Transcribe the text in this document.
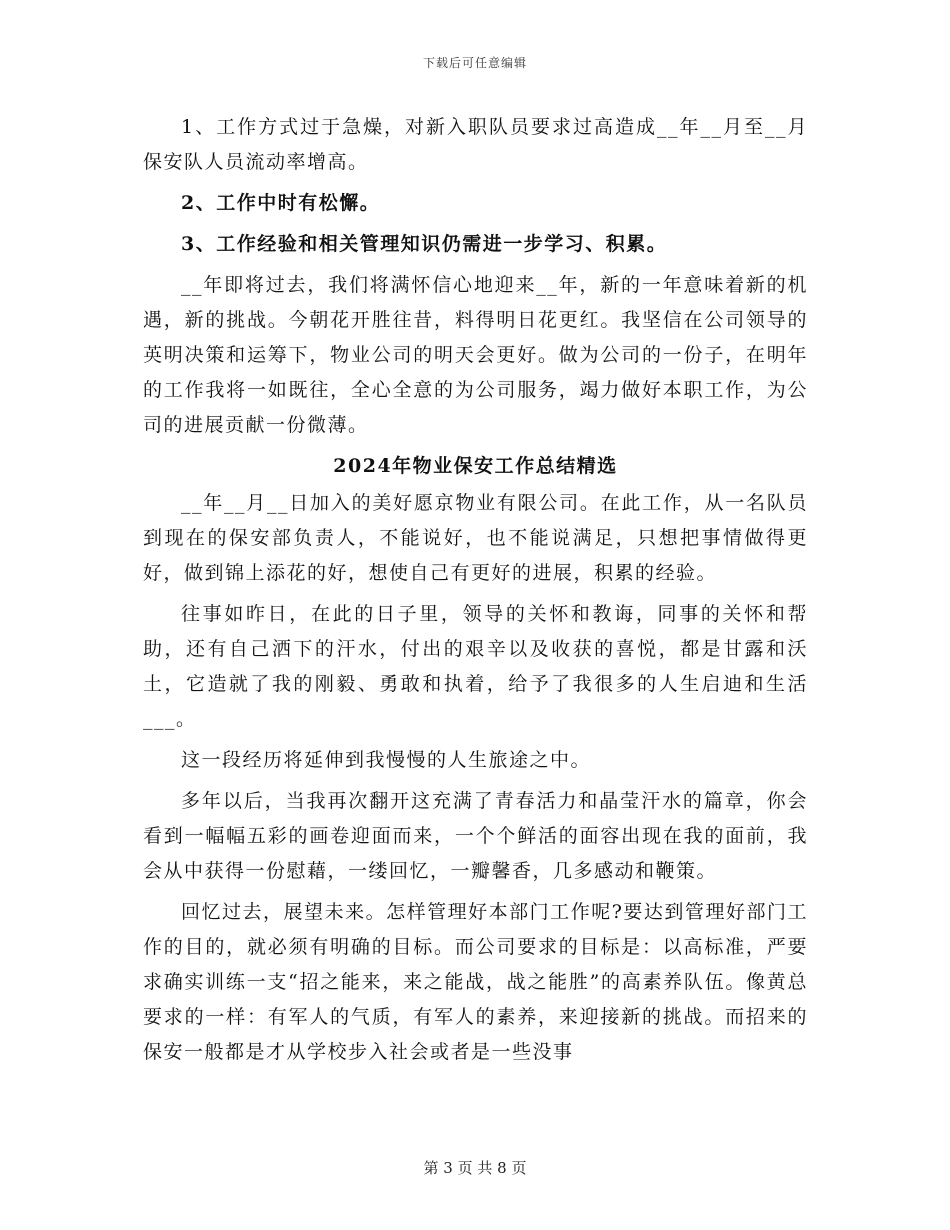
下载后可任意编辑

1、工作方式过于急燥，对新入职队员要求过高造成__年__月至__月保安队人员流动率增高。

2、工作中时有松懈。

3、工作经验和相关管理知识仍需进一步学习、积累。

__年即将过去，我们将满怀信心地迎来__年，新的一年意味着新的机遇，新的挑战。今朝花开胜往昔，料得明日花更红。我坚信在公司领导的英明决策和运筹下，物业公司的明天会更好。做为公司的一份子，在明年的工作我将一如既往，全心全意的为公司服务，竭力做好本职工作，为公司的进展贡献一份微薄。

2024年物业保安工作总结精选

__年__月__日加入的美好愿京物业有限公司。在此工作，从一名队员到现在的保安部负责人，不能说好，也不能说满足，只想把事情做得更好，做到锦上添花的好，想使自己有更好的进展，积累的经验。

往事如昨日，在此的日子里，领导的关怀和教诲，同事的关怀和帮助，还有自己洒下的汗水，付出的艰辛以及收获的喜悦，都是甘露和沃土，它造就了我的刚毅、勇敢和执着，给予了我很多的人生启迪和生活___。

这一段经历将延伸到我慢慢的人生旅途之中。

多年以后，当我再次翻开这充满了青春活力和晶莹汗水的篇章，你会看到一幅幅五彩的画卷迎面而来，一个个鲜活的面容出现在我的面前，我会从中获得一份慰藉，一缕回忆，一瓣馨香，几多感动和鞭策。

回忆过去，展望未来。怎样管理好本部门工作呢?要达到管理好部门工作的目的，就必须有明确的目标。而公司要求的目标是：以高标准，严要求确实训练一支“招之能来，来之能战，战之能胜”的高素养队伍。像黄总要求的一样：有军人的气质，有军人的素养，来迎接新的挑战。而招来的保安一般都是才从学校步入社会或者是一些没事

第 3 页 共 8 页
